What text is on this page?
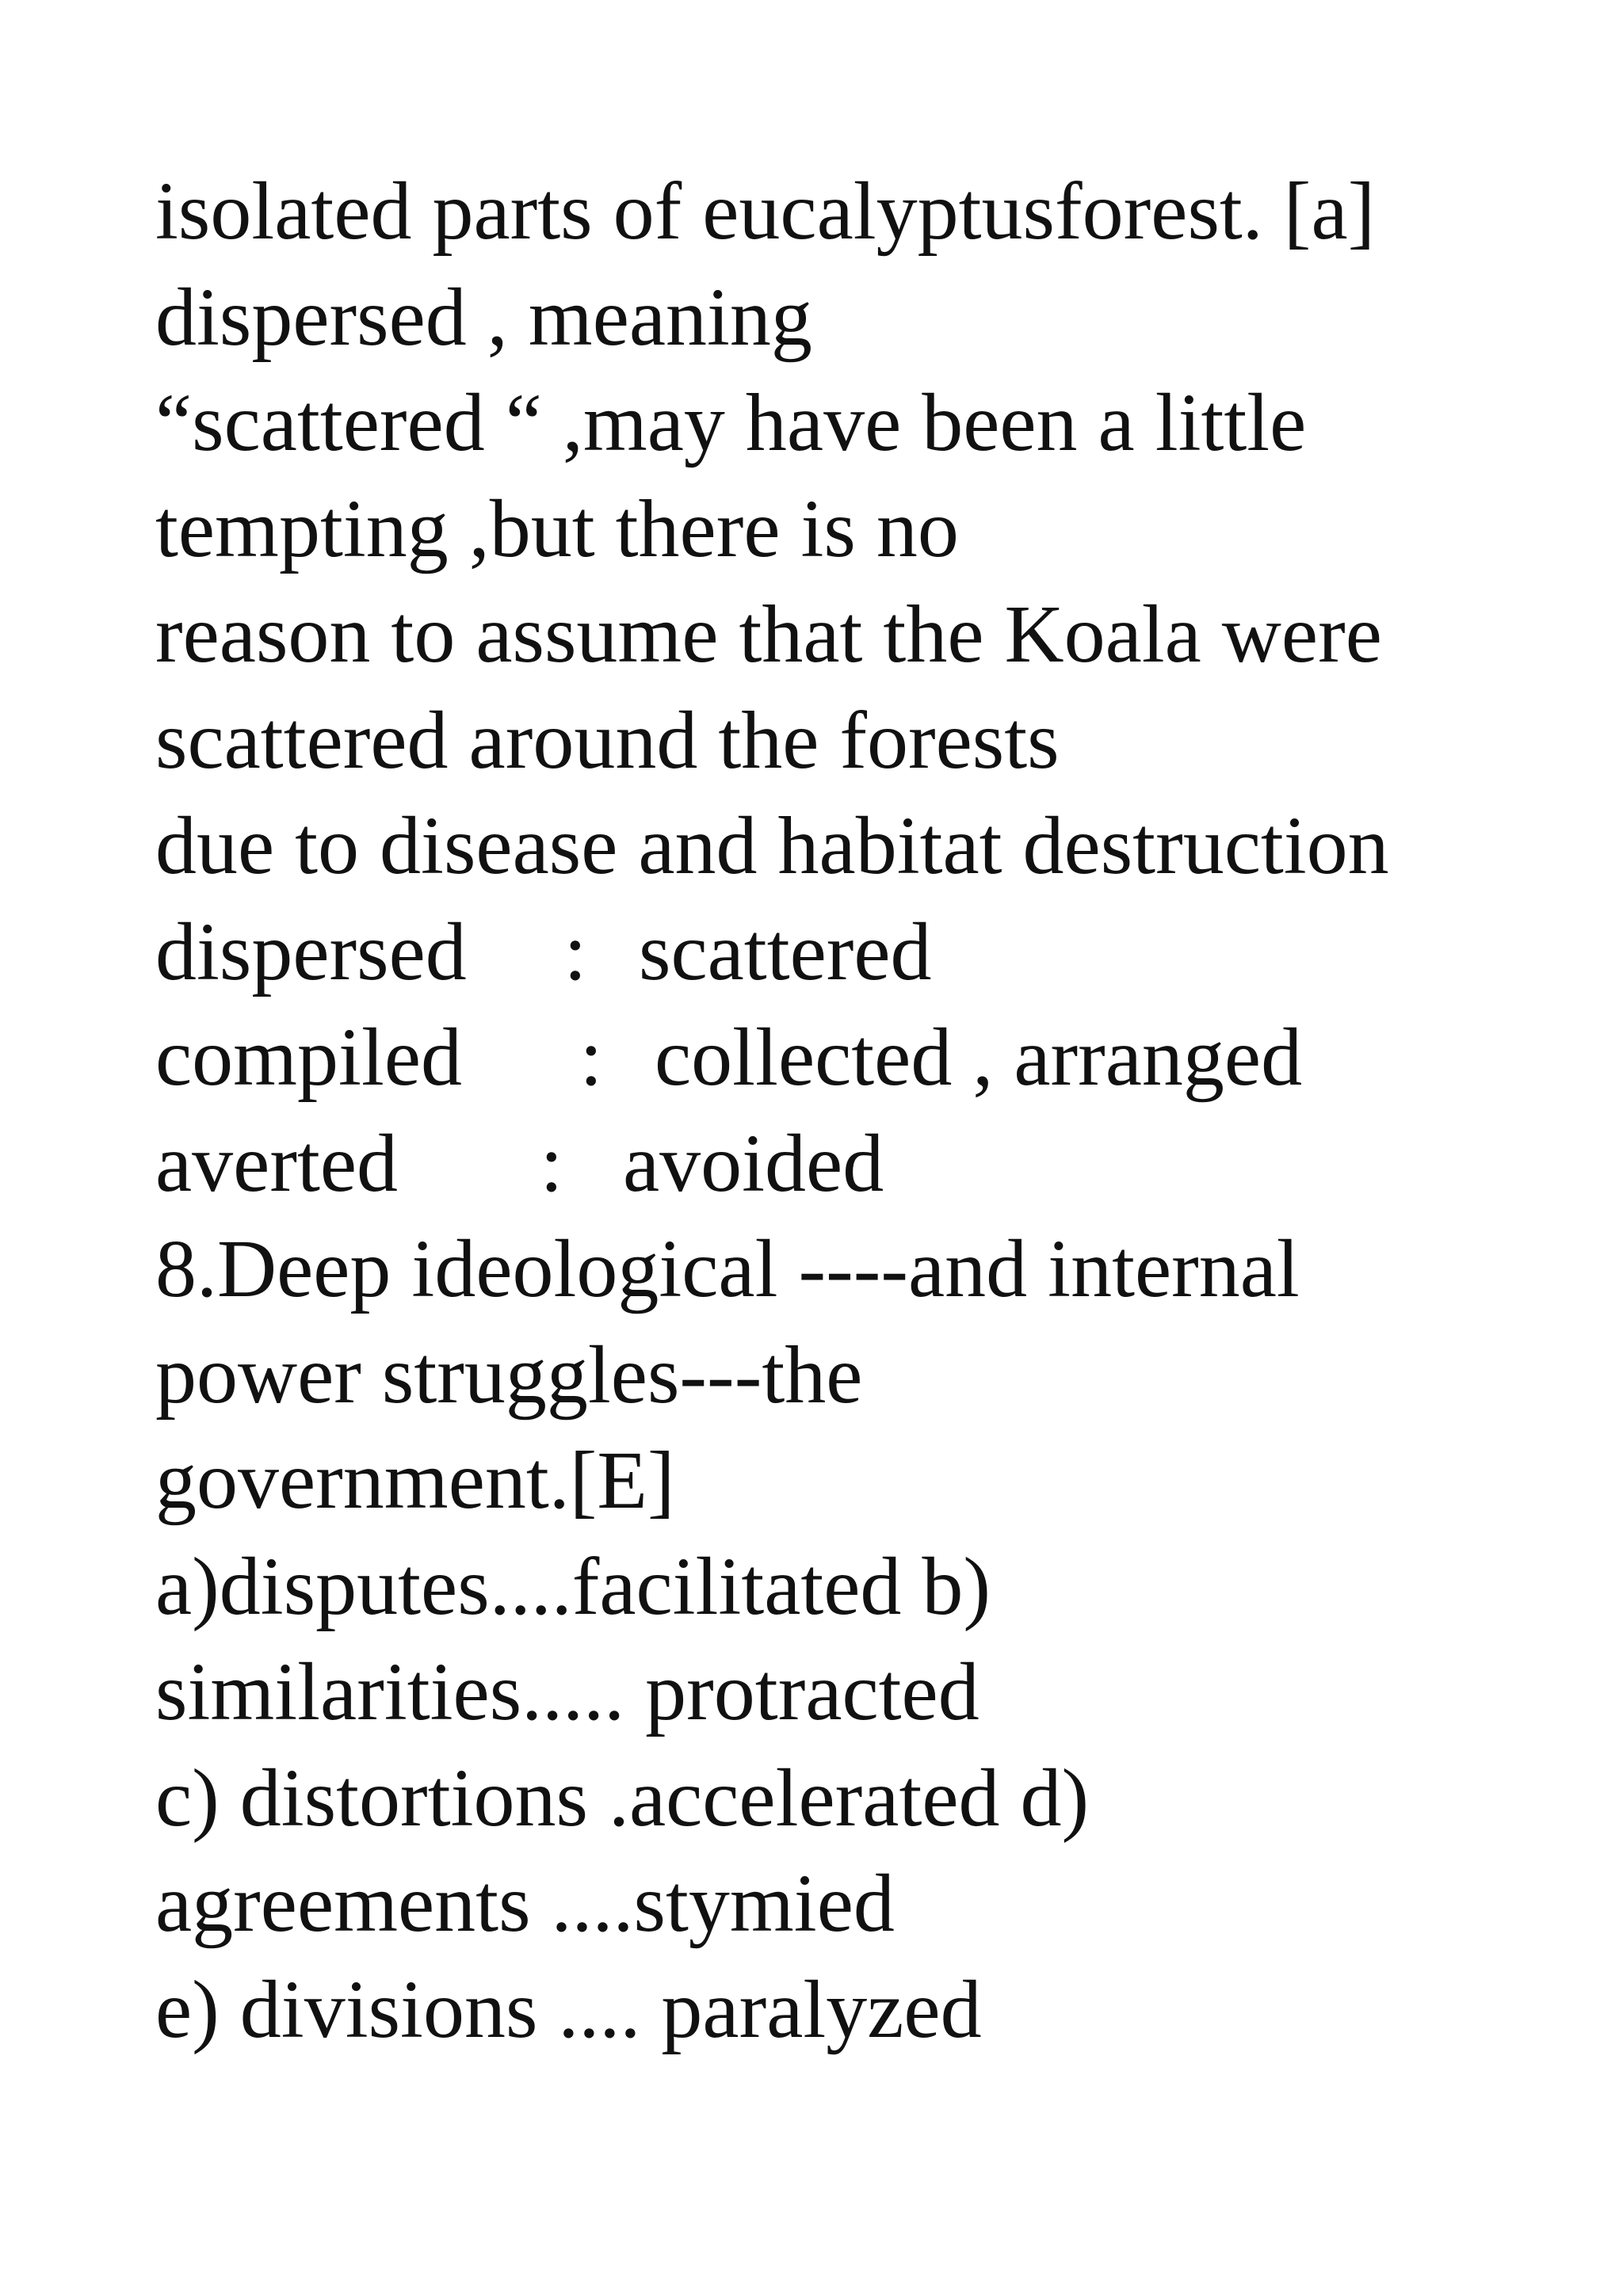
isolated parts of eucalyptusforest. [a]
dispersed , meaning
“scattered “ ,may have been a little
tempting ,but there is no
reason to assume that the Koala were
scattered around the forests
due to disease and habitat destruction
dispersed	: scattered
compiled	: collected , arranged
averted	: avoided
8.Deep ideological ----and internal
power struggles---the
government.[E]
a)disputes....facilitated b)
similarities..... protracted
c) distortions .accelerated d)
agreements ....stymied
e) divisions .... paralyzed
